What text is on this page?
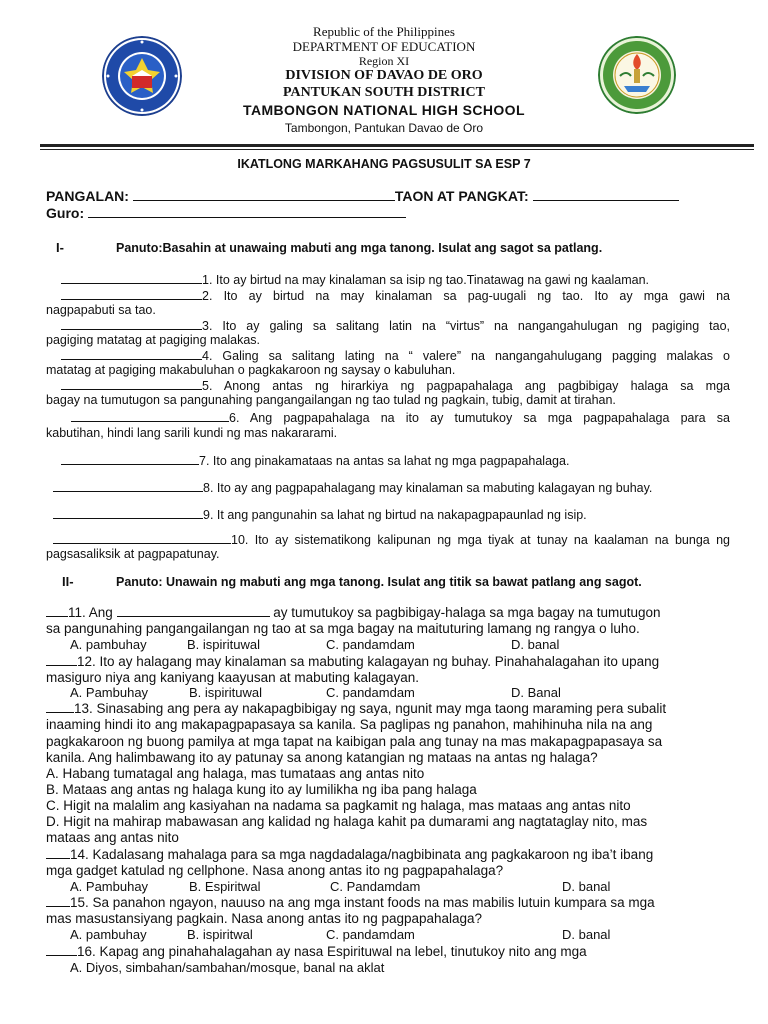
Republic of the Philippines
DEPARTMENT OF EDUCATION
Region XI
DIVISION OF DAVAO DE ORO
PANTUKAN SOUTH DISTRICT
TAMBONGON NATIONAL HIGH SCHOOL
Tambongon, Pantukan Davao de Oro
IKATLONG MARKAHANG PAGSUSULIT SA ESP 7
PANGALAN:	TAON AT PANGKAT:
Guro:
I-	Panuto:Basahin at unawaing mabuti ang mga tanong. Isulat ang sagot sa patlang.
1. Ito ay birtud na may kinalaman sa isip ng tao.Tinatawag na gawi ng kaalaman.
2. Ito ay birtud na may kinalaman sa pag-uugali ng tao. Ito ay mga gawi na
nagpapabuti sa tao.
3. Ito ay galing sa salitang latin na “virtus” na nangangahulugan ng pagiging tao,
pagiging matatag at pagiging malakas.
4. Galing sa salitang lating na “ valere” na nangangahulugang pagging malakas o
matatag at pagiging makabuluhan o pagkakaroon ng saysay o kabuluhan.
5. Anong antas ng hirarkiya ng pagpapahalaga ang pagbibigay halaga sa mga
bagay na tumutugon sa pangunahing pangangailangan ng tao tulad ng pagkain, tubig, damit at tirahan.
6. Ang pagpapahalaga na ito ay tumutukoy sa mga pagpapahalaga para sa
kabutihan, hindi lang sarili kundi ng mas nakararami.
7. Ito ang pinakamataas na antas sa lahat ng mga pagpapahalaga.
8. Ito ay ang pagpapahalagang may kinalaman sa mabuting kalagayan ng buhay.
9. It ang pangunahin sa lahat ng birtud na nakapagpapaunlad ng isip.
10. Ito ay sistematikong kalipunan ng mga tiyak at tunay na kaalaman na bunga ng
pagsasaliksik at pagpapatunay.
II-	Panuto: Unawain ng mabuti ang mga tanong. Isulat ang titik sa bawat patlang ang sagot.
11. Ang	ay tumutukoy sa pagbibigay-halaga sa mga bagay na tumutugon
sa pangunahing pangangailangan ng tao at sa mga bagay na maituturing lamang ng rangya o luho.
A. pambuhay	B. ispirituwal	C. pandamdam	D. banal
12. Ito ay halagang may kinalaman sa mabuting kalagayan ng buhay. Pinahahalagahan ito upang
masiguro niya ang kaniyang kaayusan at mabuting kalagayan.
A. Pambuhay	B. ispirituwal	C. pandamdam	D. Banal
13. Sinasabing ang pera ay nakapagbibigay ng saya, ngunit may mga taong maraming pera subalit
inaaming hindi ito ang makapagpapasaya sa kanila. Sa paglipas ng panahon, mahihinuha nila na ang
pagkakaroon ng buong pamilya at mga tapat na kaibigan pala ang tunay na mas makapagpapasaya sa
kanila. Ang halimbawang ito ay patunay sa anong katangian ng mataas na antas ng halaga?
A. Habang tumatagal ang halaga, mas tumataas ang antas nito
B. Mataas ang antas ng halaga kung ito ay lumilikha ng iba pang halaga
C. Higit na malalim ang kasiyahan na nadama sa pagkamit ng halaga, mas mataas ang antas nito
D. Higit na mahirap mabawasan ang kalidad ng halaga kahit pa dumarami ang nagtataglay nito, mas
mataas ang antas nito
14. Kadalasang mahalaga para sa mga nagdadalaga/nagbibinata ang pagkakaroon ng iba’t ibang
mga gadget katulad ng cellphone. Nasa anong antas ito ng pagpapahalaga?
A. Pambuhay	B. Espiritwal	C. Pandamdam	D. banal
15. Sa panahon ngayon, nauuso na ang mga instant foods na mas mabilis lutuin kumpara sa mga
mas masustansiyang pagkain. Nasa anong antas ito ng pagpapahalaga?
A. pambuhay	B. ispiritwal	C. pandamdam	D. banal
16. Kapag ang pinahahalagahan ay nasa Espirituwal na lebel, tinutukoy nito ang mga
A. Diyos, simbahan/sambahan/mosque, banal na aklat
